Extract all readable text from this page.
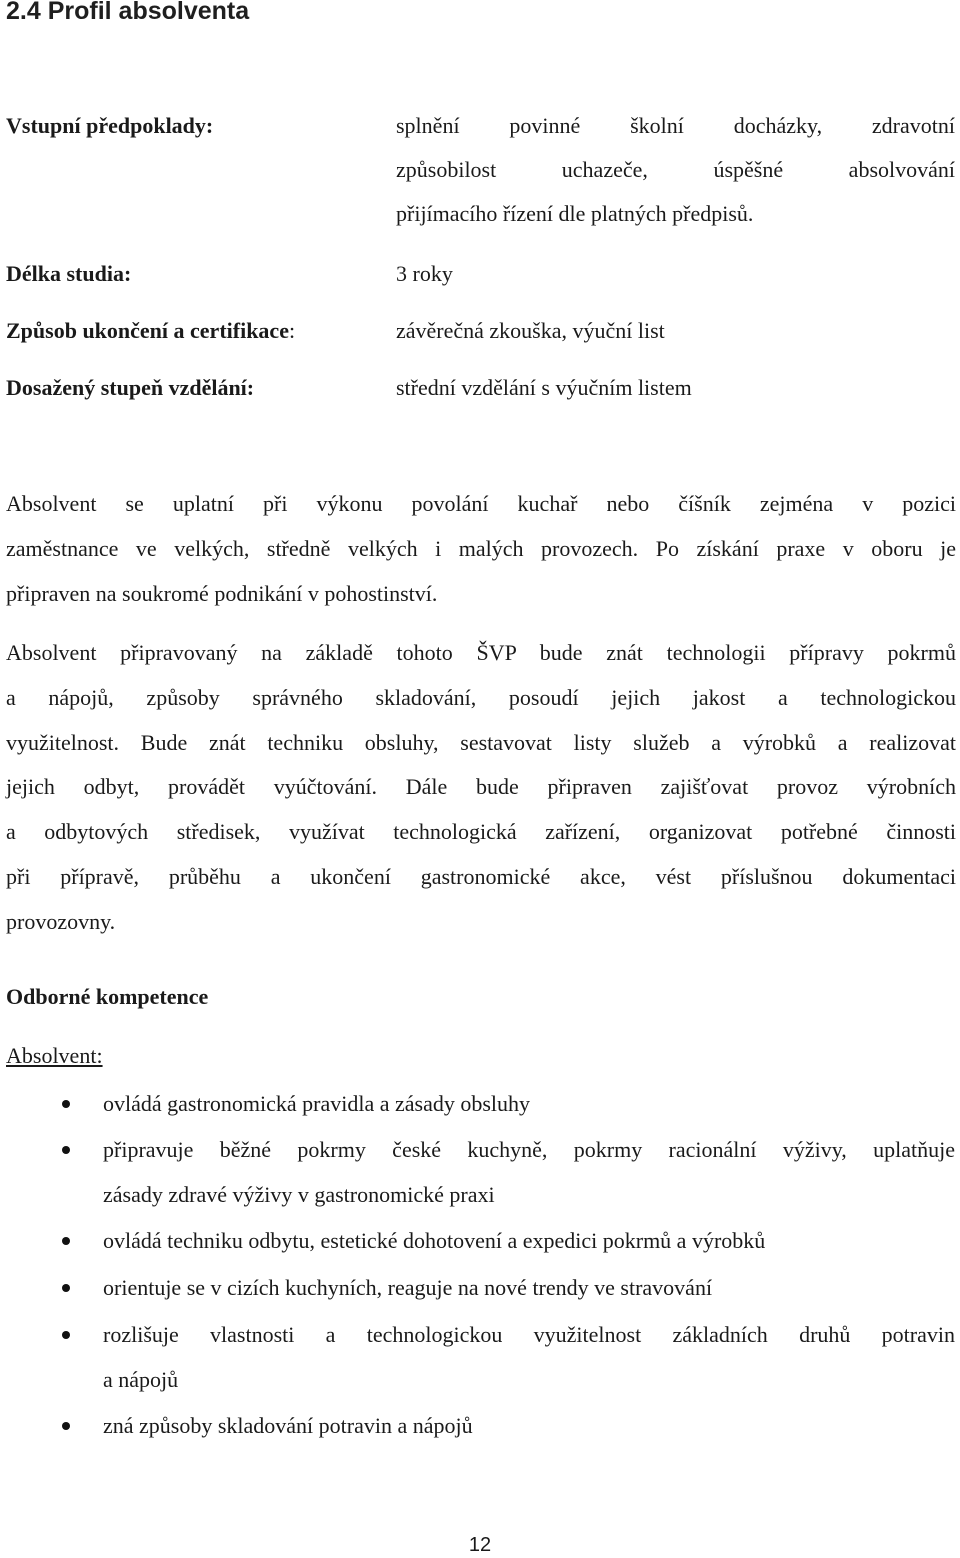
2.4 Profil absolventa
Vstupní předpoklady:	splnění povinné školní docházky, zdravotní
způsobilost uchazeče, úspěšné absolvování
přijímacího řízení dle platných předpisů.
Délka studia:	3 roky
Způsob ukončení a certifikace:	závěrečná zkouška, výuční list
Dosažený stupeň vzdělání:	střední vzdělání s výučním listem
Absolvent se uplatní při výkonu povolání kuchař nebo číšník zejména v pozici
zaměstnance ve velkých, středně velkých i malých provozech. Po získání praxe v oboru je
připraven na soukromé podnikání v pohostinství.
Absolvent připravovaný na základě tohoto ŠVP bude znát technologii přípravy pokrmů
a nápojů, způsoby správného skladování, posoudí jejich jakost a technologickou
využitelnost. Bude znát techniku obsluhy, sestavovat listy služeb a výrobků a realizovat
jejich odbyt, provádět vyúčtování. Dále bude připraven zajišťovat provoz výrobních
a odbytových středisek, využívat technologická zařízení, organizovat potřebné činnosti
při přípravě, průběhu a ukončení gastronomické akce, vést příslušnou dokumentaci
provozovny.
Odborné kompetence
Absolvent:
ovládá gastronomická pravidla a zásady obsluhy
připravuje běžné pokrmy české kuchyně, pokrmy racionální výživy, uplatňuje
zásady zdravé výživy v gastronomické praxi
ovládá techniku odbytu, estetické dohotovení a expedici pokrmů a výrobků
orientuje se v cizích kuchyních, reaguje na nové trendy ve stravování
rozlišuje vlastnosti a technologickou využitelnost základních druhů potravin
a nápojů
zná způsoby skladování potravin a nápojů
12
